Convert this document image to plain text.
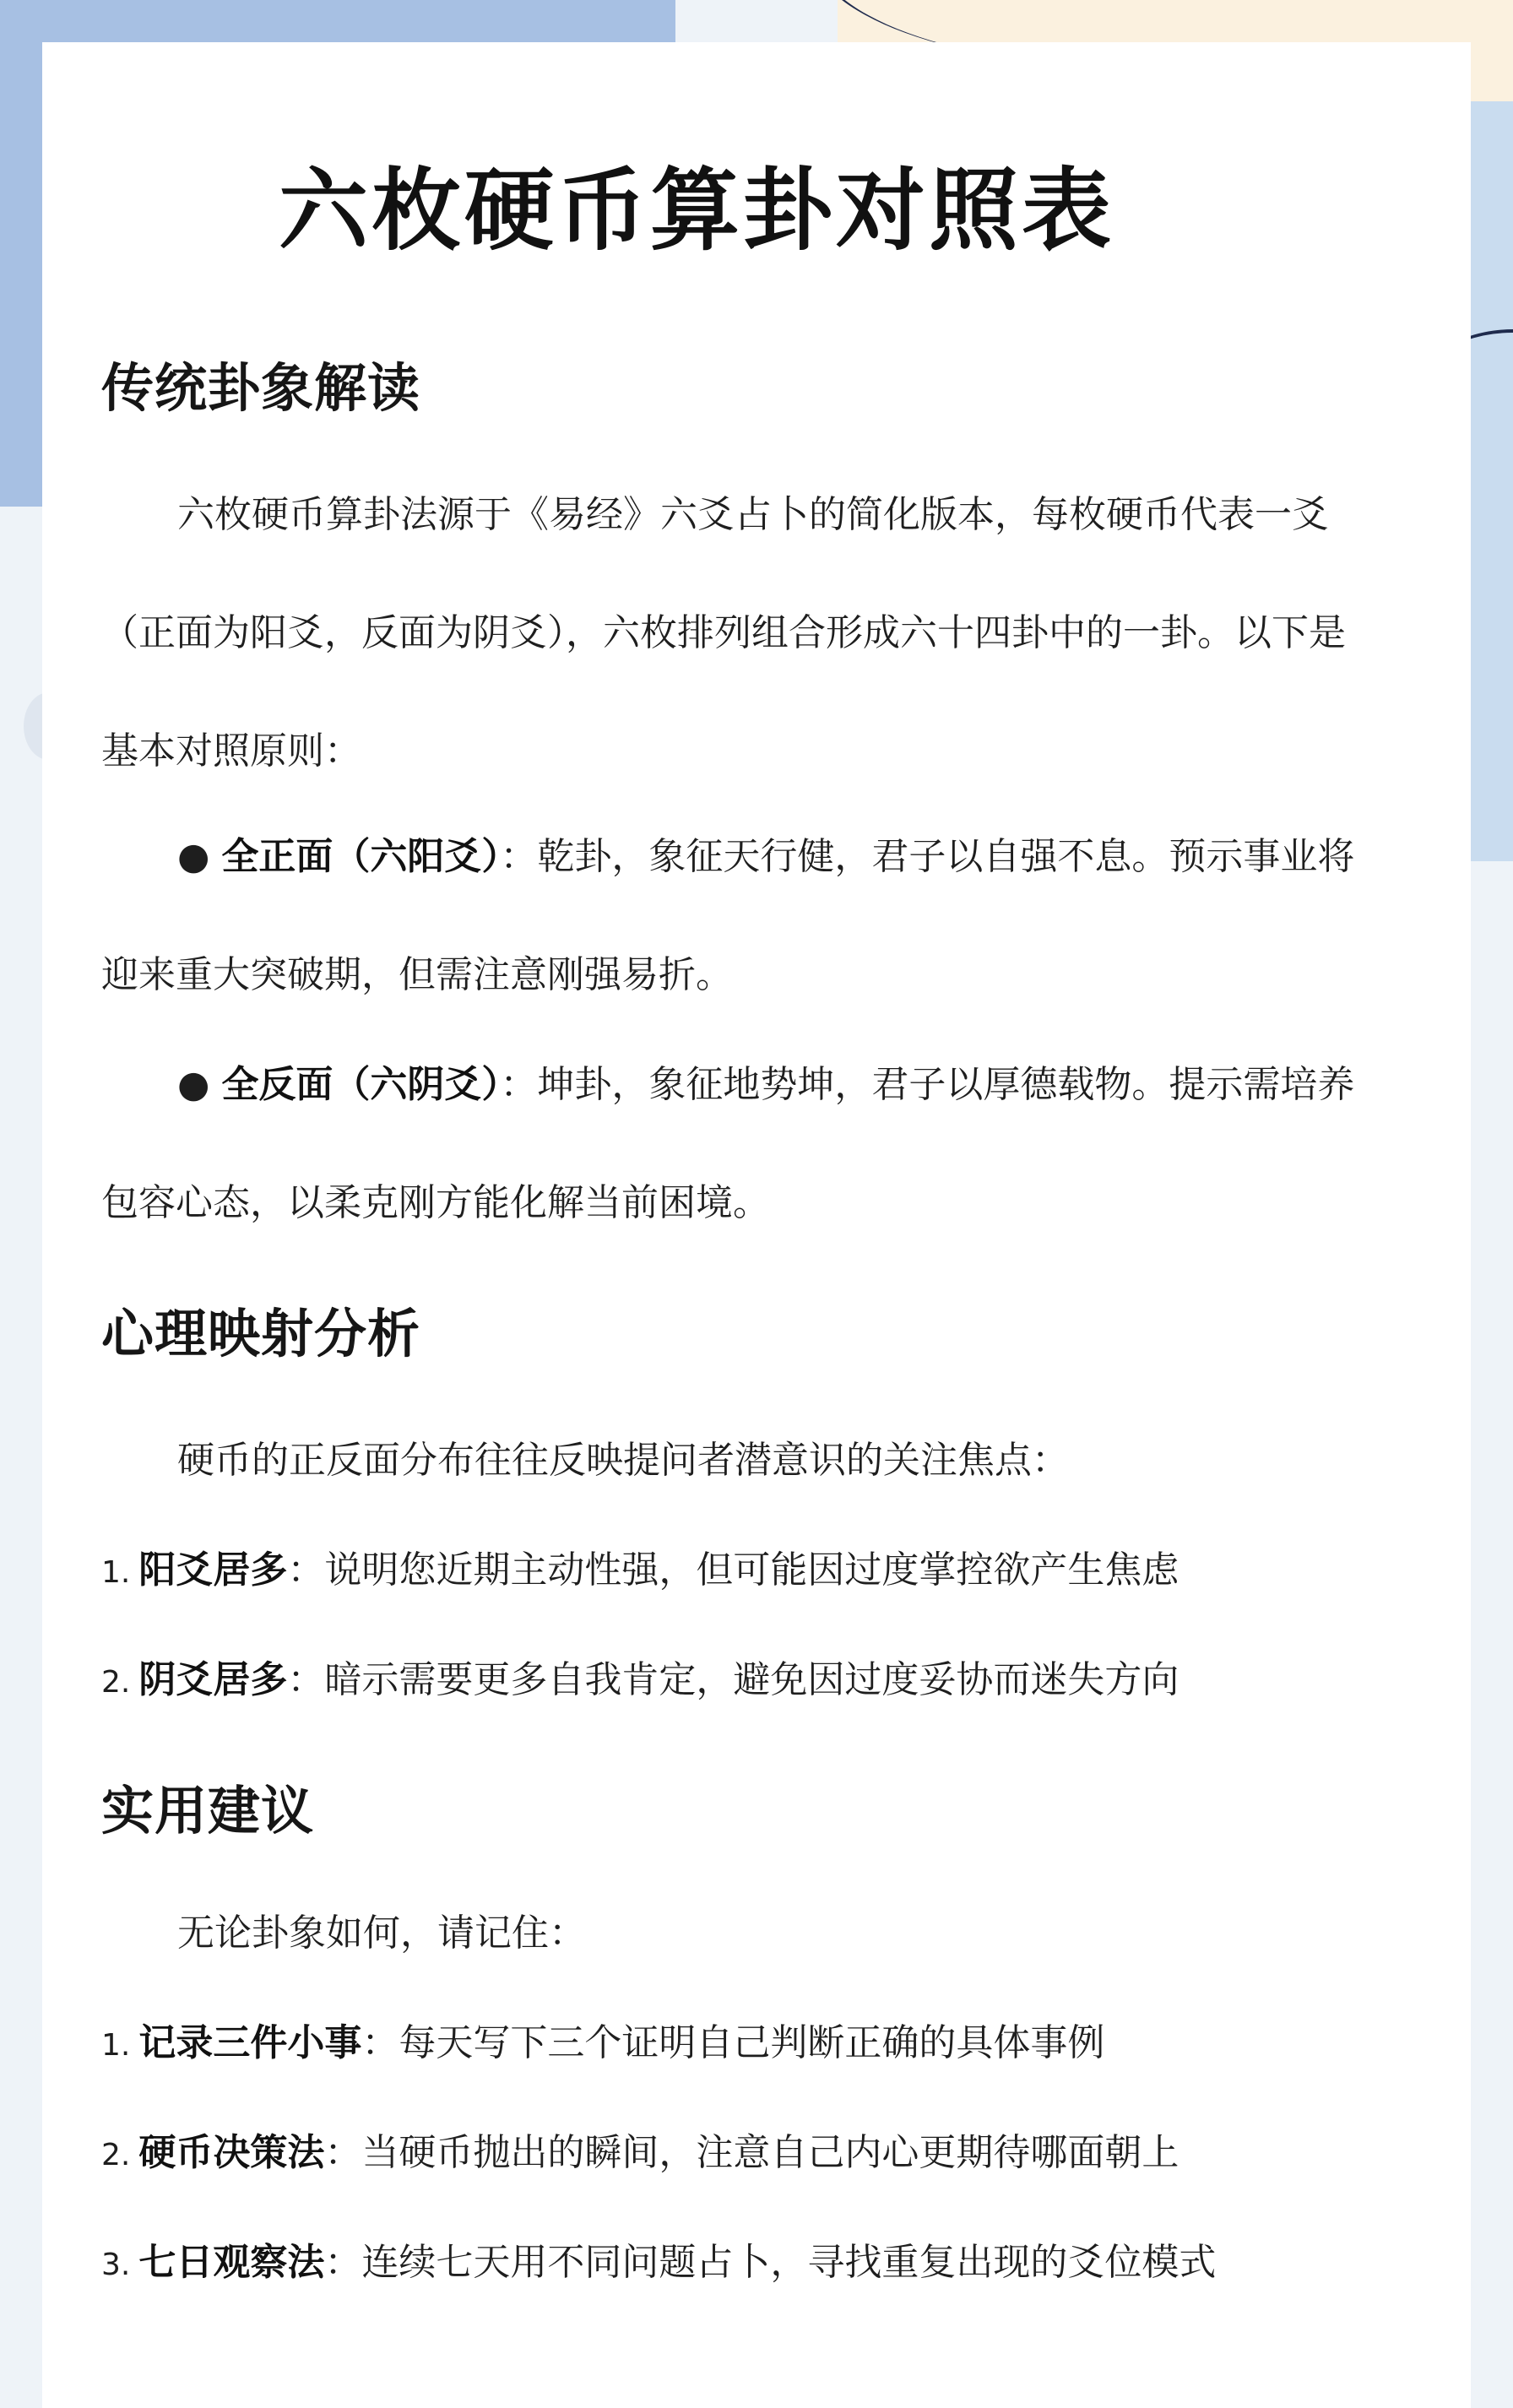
六枚硬币算卦对照表
传统卦象解读

六枚硬币算卦法源于《易经》六爻占卜的简化版本，每枚硬币代表一爻

（正面为阳爻，反面为阴爻），六枚排列组合形成六十四卦中的一卦。以下是

基本对照原则：

● 全正面（六阳爻）：乾卦，象征天行健，君子以自强不息。预示事业将

迎来重大突破期，但需注意刚强易折。

● 全反面（六阴爻）：坤卦，象征地势坤，君子以厚德载物。提示需培养

包容心态，以柔克刚方能化解当前困境。

心理映射分析

硬币的正反面分布往往反映提问者潜意识的关注焦点：

1. 阳爻居多：说明您近期主动性强，但可能因过度掌控欲产生焦虑

2. 阴爻居多：暗示需要更多自我肯定，避免因过度妥协而迷失方向

实用建议

无论卦象如何，请记住：

1. 记录三件小事：每天写下三个证明自己判断正确的具体事例

2. 硬币决策法：当硬币抛出的瞬间，注意自己内心更期待哪面朝上

3. 七日观察法：连续七天用不同问题占卜，寻找重复出现的爻位模式
